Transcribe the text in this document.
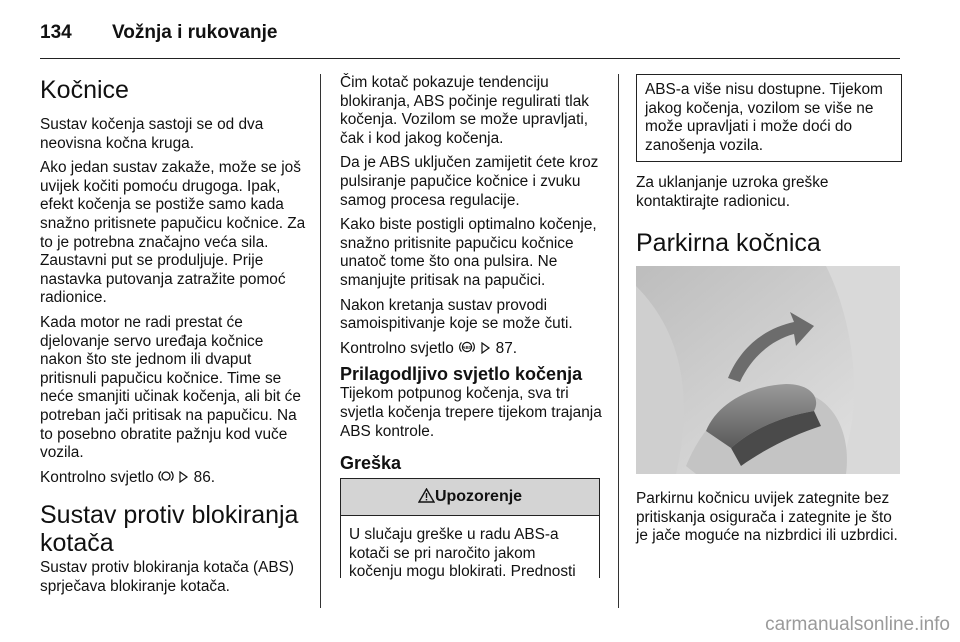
134 Vožnja i rukovanje
Kočnice

Sustav kočenja sastoji se od dva neovisna kočna kruga.

Ako jedan sustav zakaže, može se još uvijek kočiti pomoću drugoga. Ipak, efekt kočenja se postiže samo kada snažno pritisnete papučicu kočnice. Za to je potrebna značajno veća sila. Zaustavni put se produljuje. Prije nastavka putovanja zatražite pomoć radionice.

Kada motor ne radi prestat će djelovanje servo uređaja kočnice nakon što ste jednom ili dvaput pritisnuli papučicu kočnice. Time se neće smanjiti učinak kočenja, ali bit će potreban jači pritisak na papučicu. Na to posebno obratite pažnju kod vuče vozila.

Kontrolno svjetlo	86.

Sustav protiv blokiranja kotača

Sustav protiv blokiranja kotača (ABS) sprječava blokiranje kotača.

Čim kotač pokazuje tendenciju blokiranja, ABS počinje regulirati tlak kočenja. Vozilom se može upravljati, čak i kod jakog kočenja.

Da je ABS uključen zamijetit ćete kroz pulsiranje papučice kočnice i zvuku samog procesa regulacije.

Kako biste postigli optimalno kočenje, snažno pritisnite papučicu kočnice unatoč tome što ona pulsira. Ne smanjujte pritisak na papučici.

Nakon kretanja sustav provodi samoispitivanje koje se može čuti.

Kontrolno svjetlo ABS 87.

Prilagodljivo svjetlo kočenja

Tijekom potpunog kočenja, sva tri svjetla kočenja trepere tijekom trajanja ABS kontrole.

Greška
Upozorenje
U slučaju greške u radu ABS-a kotači se pri naročito jakom kočenju mogu blokirati. Prednosti
ABS-a više nisu dostupne. Tijekom jakog kočenja, vozilom se više ne može upravljati i može doći do zanošenja vozila.

Za uklanjanje uzroka greške kontaktirajte radionicu.

Parkirna kočnica

Parkirnu kočnicu uvijek zategnite bez pritiskanja osigurača i zategnite je što je jače moguće na nizbrdici ili uzbrdici.

carmanualsonline.info
